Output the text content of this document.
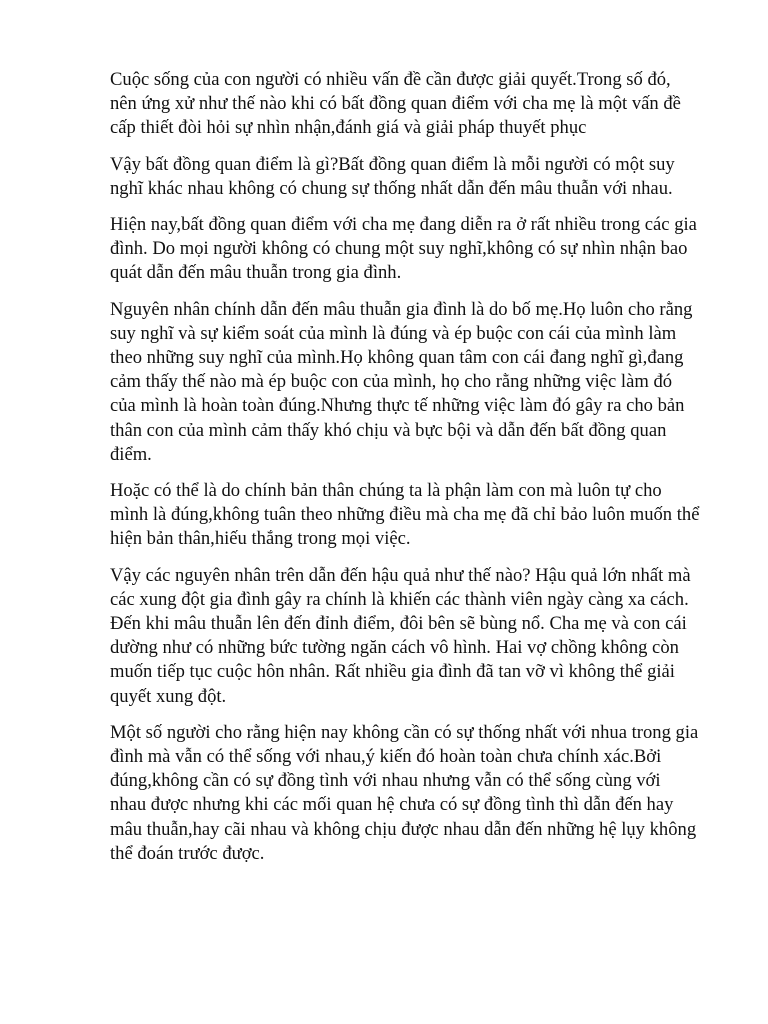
Cuộc sống của con người có nhiều vấn đề cần được giải quyết.Trong số đó, nên ứng xử như thế nào khi có bất đồng quan điểm với cha mẹ là một vấn đề cấp thiết đòi hỏi sự nhìn nhận,đánh giá và giải pháp thuyết phục

Vậy bất đồng quan điểm là gì?Bất đồng quan điểm là mỗi người có một suy nghĩ khác nhau không có chung sự thống nhất dẫn đến mâu thuẫn với nhau.

Hiện nay,bất đồng quan điểm với cha mẹ đang diễn ra ở rất nhiều trong các gia đình. Do mọi người không có chung một suy nghĩ,không có sự nhìn nhận bao quát dẫn đến mâu thuẫn trong gia đình.

Nguyên nhân chính dẫn đến mâu thuẫn gia đình là do bố mẹ.Họ luôn cho rằng suy nghĩ và sự kiểm soát của mình là đúng và ép buộc con cái của mình làm theo những suy nghĩ của mình.Họ không quan tâm con cái đang nghĩ gì,đang cảm thấy thế nào mà ép buộc con của mình, họ cho rằng những việc làm đó của mình là hoàn toàn đúng.Nhưng thực tế những việc làm đó gây ra cho bản thân con của mình cảm thấy khó chịu và bực bội và dẫn đến bất đồng quan điểm.

Hoặc có thể là do chính bản thân chúng ta là phận làm con mà luôn tự cho mình là đúng,không tuân theo những điều mà cha mẹ đã chỉ bảo luôn muốn thể hiện bản thân,hiếu thắng trong mọi việc.

Vậy các nguyên nhân trên dẫn đến hậu quả như thế nào? Hậu quả lớn nhất mà các xung đột gia đình gây ra chính là khiến các thành viên ngày càng xa cách. Đến khi mâu thuẫn lên đến đỉnh điểm, đôi bên sẽ bùng nổ. Cha mẹ và con cái dường như có những bức tường ngăn cách vô hình. Hai vợ chồng không còn muốn tiếp tục cuộc hôn nhân. Rất nhiều gia đình đã tan vỡ vì không thể giải quyết xung đột.

Một số người cho rằng hiện nay không cần có sự thống nhất với nhua trong gia đình mà vẫn có thể sống với nhau,ý kiến đó hoàn toàn chưa chính xác.Bởi đúng,không cần có sự đồng tình với nhau nhưng vẫn có thể sống cùng với nhau được nhưng khi các mối quan hệ chưa có sự đồng tình thì dẫn đến hay mâu thuẫn,hay cãi nhau và không chịu được nhau dẫn đến những hệ lụy không thể đoán trước được.
